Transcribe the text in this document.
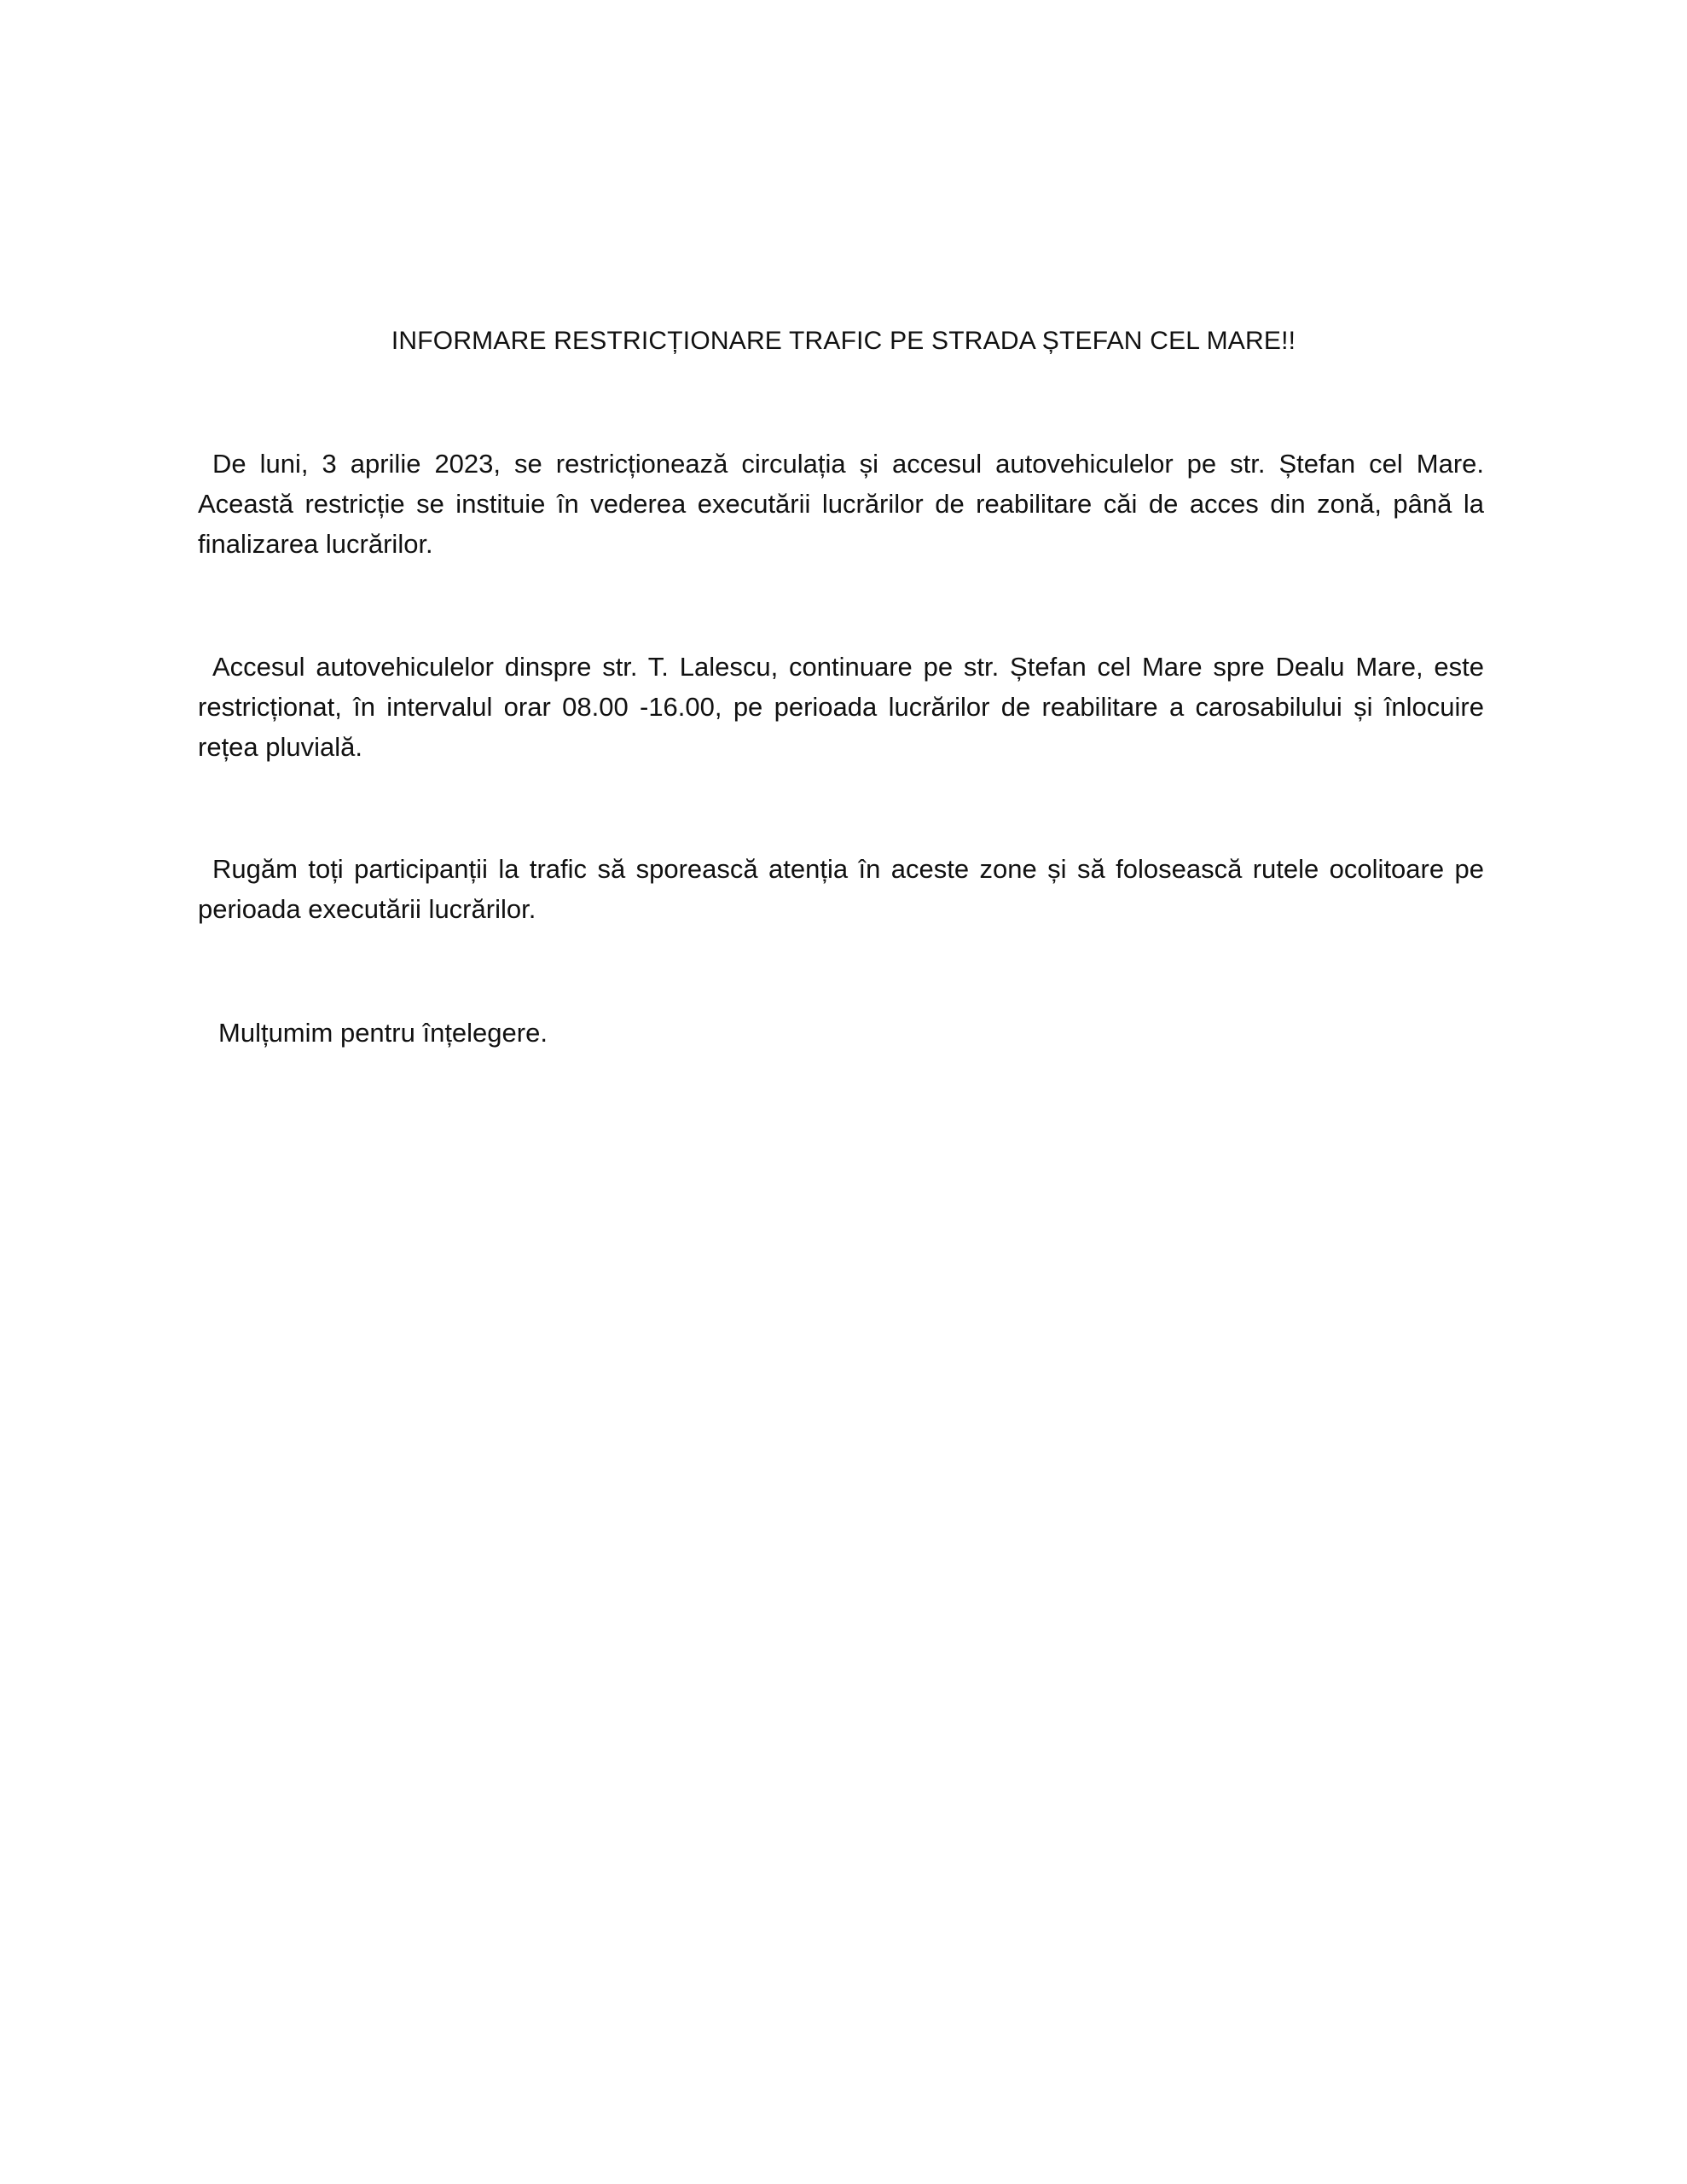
INFORMARE RESTRICȚIONARE TRAFIC PE STRADA ȘTEFAN CEL MARE!!

De luni, 3 aprilie 2023, se restricționează circulația și accesul autovehiculelor pe str. Ștefan cel Mare. Această restricție se instituie în vederea executării lucrărilor de reabilitare căi de acces din zonă, până la finalizarea lucrărilor.

Accesul autovehiculelor dinspre str. T. Lalescu, continuare pe str. Ștefan cel Mare spre Dealu Mare, este restricționat, în intervalul orar 08.00 -16.00, pe perioada lucrărilor de reabilitare a carosabilului și înlocuire rețea pluvială.

Rugăm toți participanții la trafic să sporească atenția în aceste zone și să folosească rutele ocolitoare pe perioada executării lucrărilor.

Mulțumim pentru înțelegere.
